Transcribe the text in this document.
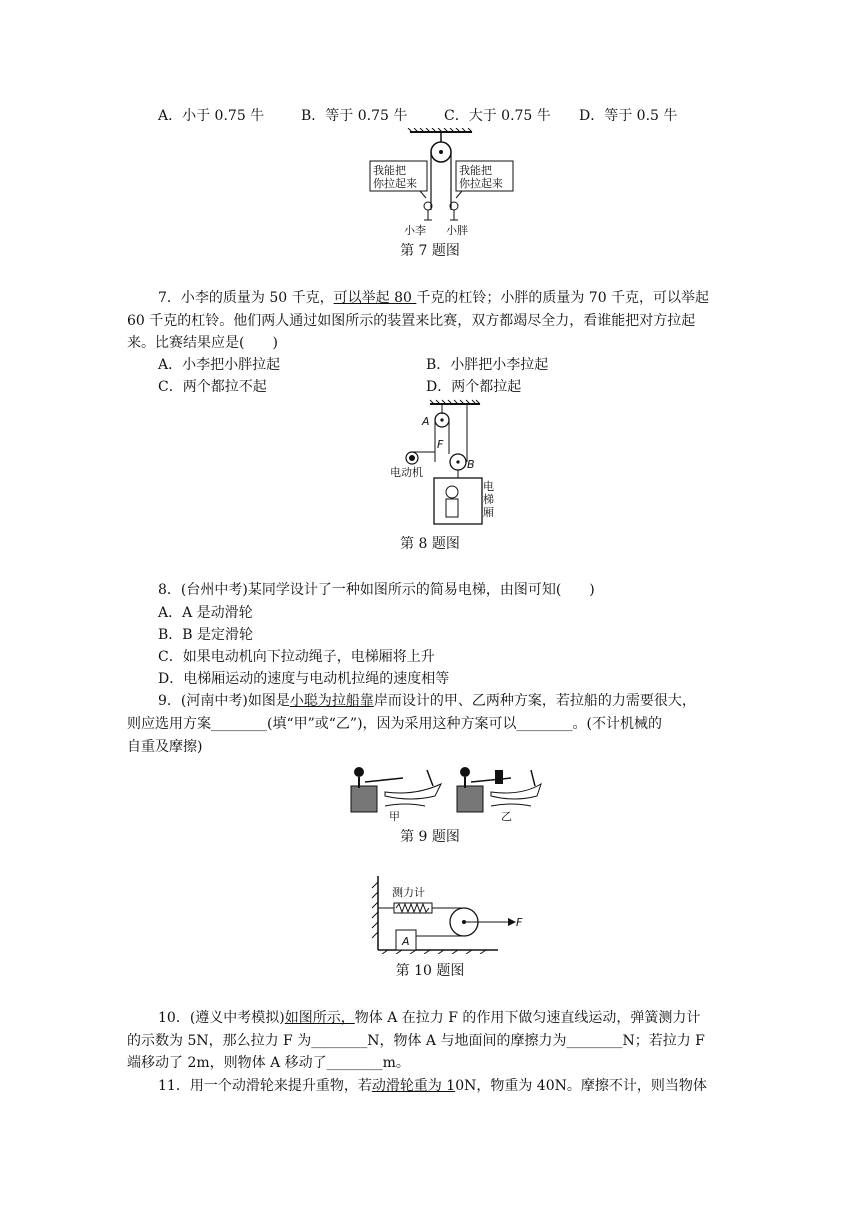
A．小于 0.75 牛	B．等于 0.75 牛	C．大于 0.75 牛 D．等于 0.5 牛
我能把
你拉起来
我能把
你拉起来
小李 小胖
第 7 题图
7．小李的质量为 50 千克，可以举起 80 千克的杠铃；小胖的质量为 70 千克，可以举起
60 千克的杠铃。他们两人通过如图所示的装置来比赛，双方都竭尽全力，看谁能把对方拉起
来。比赛结果应是(　　)
A．小李把小胖拉起	B．小胖把小李拉起
C．两个都拉不起	D．两个都拉起
A
F
B
电动机
电
梯
厢
第 8 题图
8．(台州中考)某同学设计了一种如图所示的简易电梯，由图可知(　　)
A．A 是动滑轮
B．B 是定滑轮
C．如果电动机向下拉动绳子，电梯厢将上升
D．电梯厢运动的速度与电动机拉绳的速度相等
9．(河南中考)如图是小聪为拉船靠岸而设计的甲、乙两种方案，若拉船的力需要很大，
则应选用方案________(填“甲”或“乙”)，因为采用这种方案可以________。(不计机械的
自重及摩擦)
甲	乙
第 9 题图
测力计
A
F
第 10 题图
10．(遵义中考模拟)如图所示，物体 A 在拉力 F 的作用下做匀速直线运动，弹簧测力计
的示数为 5N，那么拉力 F 为________N，物体 A 与地面间的摩擦力为________N；若拉力 F
端移动了 2m，则物体 A 移动了________m。
11．用一个动滑轮来提升重物，若动滑轮重为 10N，物重为 40N。摩擦不计，则当物体
